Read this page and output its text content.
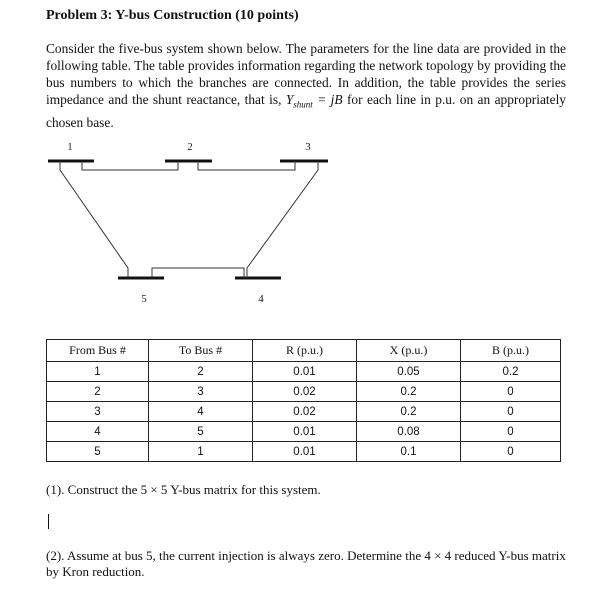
Problem 3: Y-bus Construction (10 points)
Consider the five-bus system shown below. The parameters for the line data are provided in the following table. The table provides information regarding the network topology by providing the bus numbers to which the branches are connected. In addition, the table provides the series impedance and the shunt reactance, that is, $Y_{shunt}$ = jB for each line in p.u. on an appropriately chosen base.
1	2	3
4
5
From Bus #	To Bus #	R (p.u.)	X (p.u.)	B (p.u.)
1	2	0.01	0.05	0.2
2	3	0.02	0.2	0
3	4	0.02	0.2	0
4	5	0.01	0.08	0
5	1	0.01	0.1	0
(1). Construct the 5 × 5 Y-bus matrix for this system.
(2). Assume at bus 5, the current injection is always zero. Determine the 4 × 4 reduced Y-bus matrix by Kron reduction.
